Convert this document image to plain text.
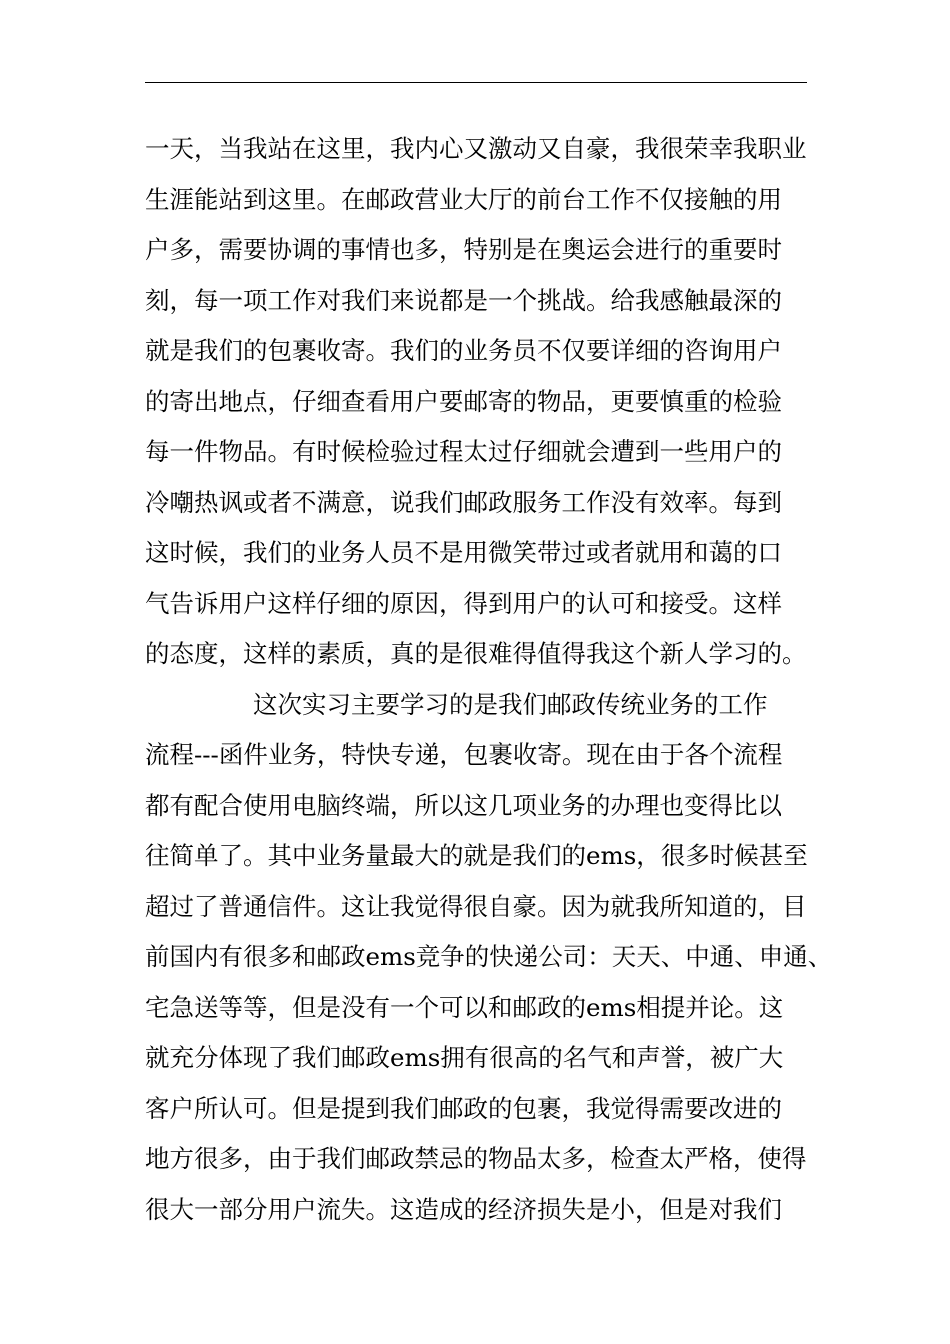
一天，当我站在这里，我内心又激动又自豪，我很荣幸我职业
生涯能站到这里。在邮政营业大厅的前台工作不仅接触的用
户多，需要协调的事情也多，特别是在奥运会进行的重要时
刻，每一项工作对我们来说都是一个挑战。给我感触最深的
就是我们的包裹收寄。我们的业务员不仅要详细的咨询用户
的寄出地点，仔细查看用户要邮寄的物品，更要慎重的检验
每一件物品。有时候检验过程太过仔细就会遭到一些用户的
冷嘲热讽或者不满意，说我们邮政服务工作没有效率。每到
这时候，我们的业务人员不是用微笑带过或者就用和蔼的口
气告诉用户这样仔细的原因，得到用户的认可和接受。这样
的态度，这样的素质，真的是很难得值得我这个新人学习的。
这次实习主要学习的是我们邮政传统业务的工作
流程---函件业务，特快专递，包裹收寄。现在由于各个流程
都有配合使用电脑终端，所以这几项业务的办理也变得比以
往简单了。其中业务量最大的就是我们的ems，很多时候甚至
超过了普通信件。这让我觉得很自豪。因为就我所知道的，目
前国内有很多和邮政ems竞争的快递公司：天天、中通、申通、
宅急送等等，但是没有一个可以和邮政的ems相提并论。这
就充分体现了我们邮政ems拥有很高的名气和声誉，被广大
客户所认可。但是提到我们邮政的包裹，我觉得需要改进的
地方很多，由于我们邮政禁忌的物品太多，检查太严格，使得
很大一部分用户流失。这造成的经济损失是小，但是对我们
